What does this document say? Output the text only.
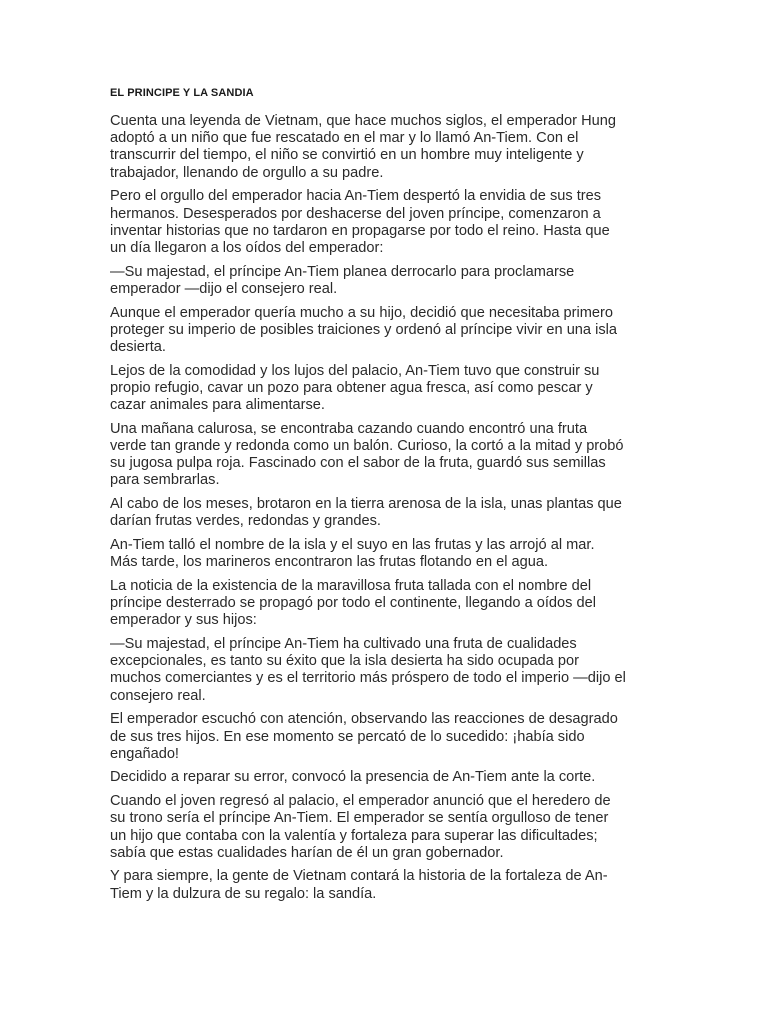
EL PRINCIPE Y LA SANDIA

Cuenta una leyenda de Vietnam, que hace muchos siglos, el emperador Hung
adoptó a un niño que fue rescatado en el mar y lo llamó An-Tiem. Con el
transcurrir del tiempo, el niño se convirtió en un hombre muy inteligente y
trabajador, llenando de orgullo a su padre.

Pero el orgullo del emperador hacia An-Tiem despertó la envidia de sus tres
hermanos. Desesperados por deshacerse del joven príncipe, comenzaron a
inventar historias que no tardaron en propagarse por todo el reino. Hasta que
un día llegaron a los oídos del emperador:

—Su majestad, el príncipe An-Tiem planea derrocarlo para proclamarse
emperador —dijo el consejero real.

Aunque el emperador quería mucho a su hijo, decidió que necesitaba primero
proteger su imperio de posibles traiciones y ordenó al príncipe vivir en una isla
desierta.

Lejos de la comodidad y los lujos del palacio, An-Tiem tuvo que construir su
propio refugio, cavar un pozo para obtener agua fresca, así como pescar y
cazar animales para alimentarse.

Una mañana calurosa, se encontraba cazando cuando encontró una fruta
verde tan grande y redonda como un balón. Curioso, la cortó a la mitad y probó
su jugosa pulpa roja. Fascinado con el sabor de la fruta, guardó sus semillas
para sembrarlas.

Al cabo de los meses, brotaron en la tierra arenosa de la isla, unas plantas que
darían frutas verdes, redondas y grandes.

An-Tiem talló el nombre de la isla y el suyo en las frutas y las arrojó al mar.
Más tarde, los marineros encontraron las frutas flotando en el agua.

La noticia de la existencia de la maravillosa fruta tallada con el nombre del
príncipe desterrado se propagó por todo el continente, llegando a oídos del
emperador y sus hijos:

—Su majestad, el príncipe An-Tiem ha cultivado una fruta de cualidades
excepcionales, es tanto su éxito que la isla desierta ha sido ocupada por
muchos comerciantes y es el territorio más próspero de todo el imperio —dijo el
consejero real.

El emperador escuchó con atención, observando las reacciones de desagrado
de sus tres hijos. En ese momento se percató de lo sucedido: ¡había sido
engañado!

Decidido a reparar su error, convocó la presencia de An-Tiem ante la corte.

Cuando el joven regresó al palacio, el emperador anunció que el heredero de
su trono sería el príncipe An-Tiem. El emperador se sentía orgulloso de tener
un hijo que contaba con la valentía y fortaleza para superar las dificultades;
sabía que estas cualidades harían de él un gran gobernador.

Y para siempre, la gente de Vietnam contará la historia de la fortaleza de An-
Tiem y la dulzura de su regalo: la sandía.
